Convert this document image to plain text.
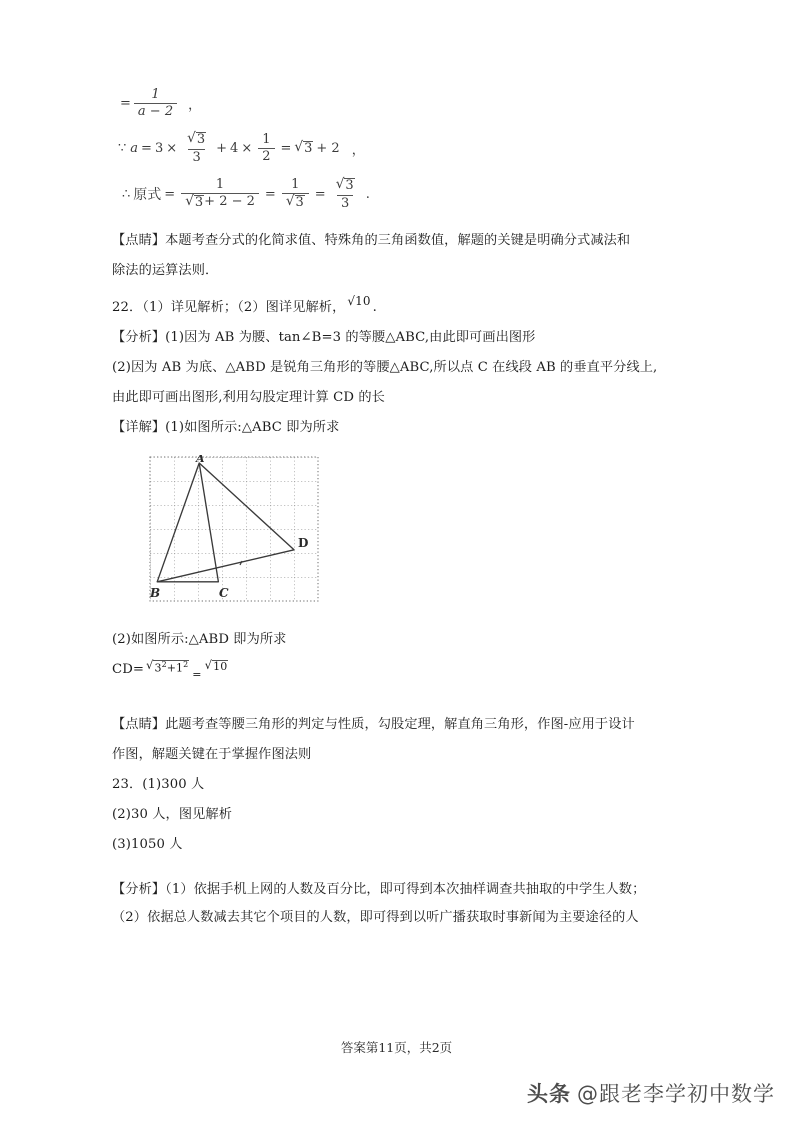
= $\frac{1}{a - 2}$ ，
∵ $a = 3 \times \frac{√ 3}{3} + 4 \times \frac{1}{2}$ = √ 3 + 2 ，
∴ 原式 = $\frac{1}{√ 3 + 2 - 2} = \frac{1}{√ 3} = \frac{√ 3}{3}$ .

【点睛】本题考查分式的化简求值、特殊角的三角函数值，解题的关键是明确分式减法和

除法的运算法则．

22．（1）详见解析；（2）图详见解析， √ 10 .

【分析】(1)因为 AB 为腰、tan∠B=3 的等腰△ABC,由此即可画出图形

(2)因为 AB 为底、△ABD 是锐角三角形的等腰△ABC,所以点 C 在线段 AB 的垂直平分线上,

由此即可画出图形,利用勾股定理计算 CD 的长

【详解】(1)如图所示:△ABC 即为所求

A
B	C
D

(2)如图所示:△ABD 即为所求

CD= √ $3^2+1^2$
=
√ 10

【点睛】此题考查等腰三角形的判定与性质，勾股定理，解直角三角形，作图-应用于设计

作图，解题关键在于掌握作图法则

23．(1)300 人

(2)30 人，图见解析

(3)1050 人

【分析】（1）依据手机上网的人数及百分比，即可得到本次抽样调查共抽取的中学生人数；

（2）依据总人数减去其它个项目的人数，即可得到以听广播获取时事新闻为主要途径的人

答案第11页，共2页
头条 @跟老李学初中数学
